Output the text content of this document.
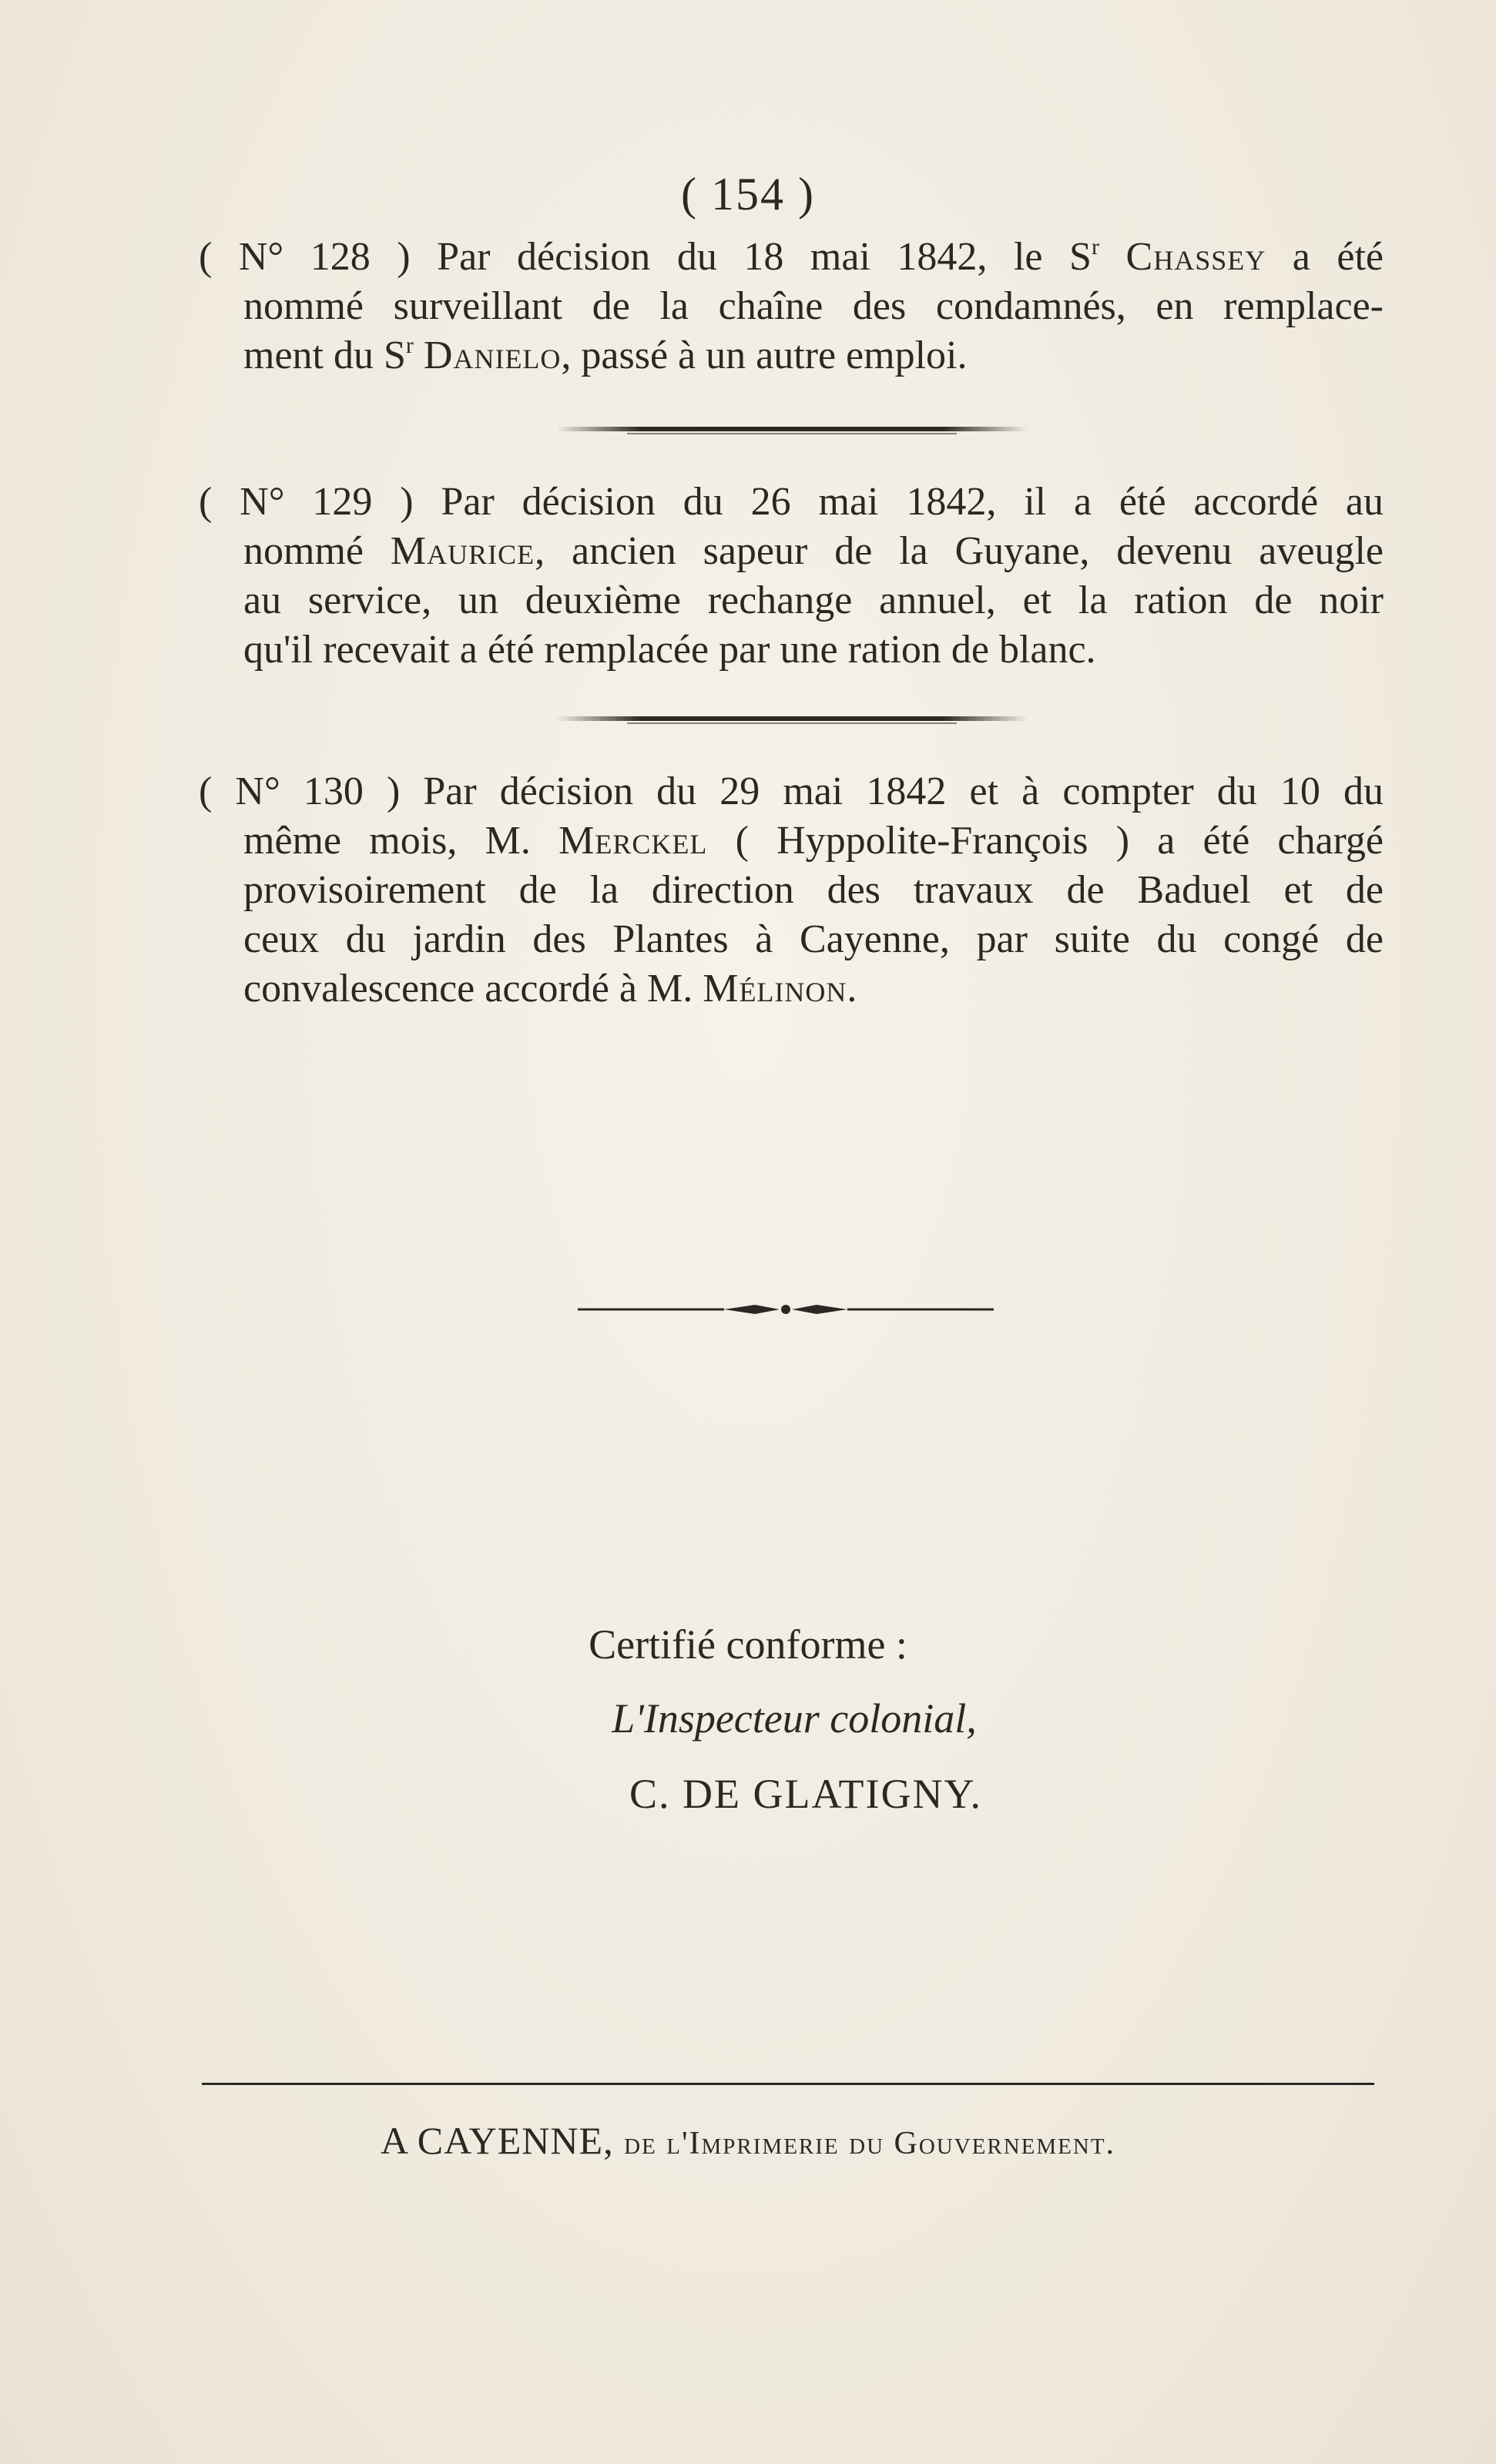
( 154 )
( N° 128 ) Par décision du 18 mai 1842, le $S^r$ Chassey a été
nommé surveillant de la chaîne des condamnés, en remplace-
ment du $S^r$ Danielo, passé à un autre emploi.
( N° 129 ) Par décision du 26 mai 1842, il a été accordé au
nommé Maurice, ancien sapeur de la Guyane, devenu aveugle
au service, un deuxième rechange annuel, et la ration de noir
qu'il recevait a été remplacée par une ration de blanc.
( N° 130 ) Par décision du 29 mai 1842 et à compter du 10 du
même mois, M. Merckel ( Hyppolite-François ) a été chargé
provisoirement de la direction des travaux de Baduel et de
ceux du jardin des Plantes à Cayenne, par suite du congé de
convalescence accordé à M. Mélinon.
Certifié conforme :
L'Inspecteur colonial,
C. DE GLATIGNY.
A CAYENNE, de l'Imprimerie du Gouvernement.
